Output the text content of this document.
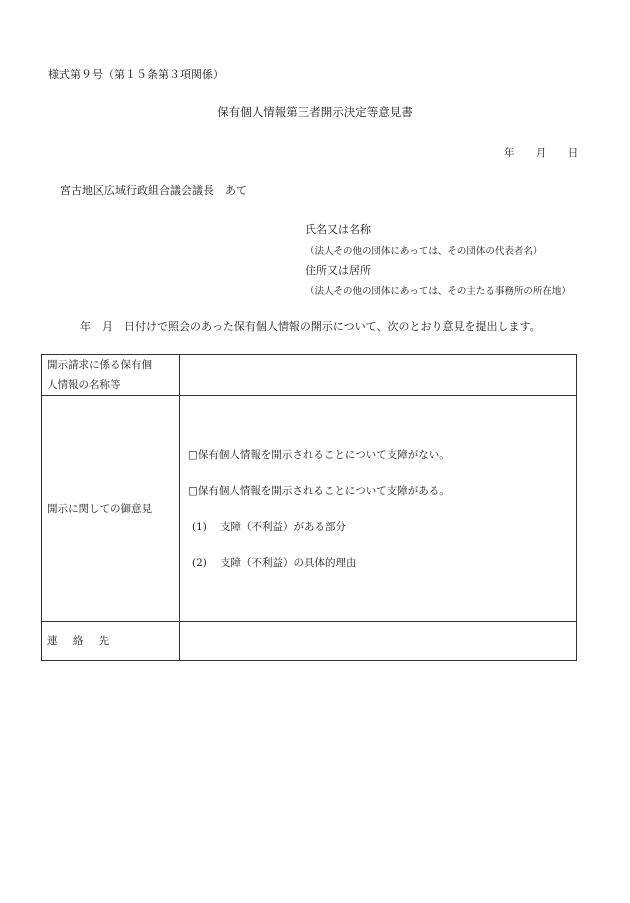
様式第９号（第１５条第３項関係）
保有個人情報第三者開示決定等意見書
年 月 日
宮古地区広域行政組合議会議長　あて
氏名又は名称
（法人その他の団体にあっては、その団体の代表者名）
住所又は居所
（法人その他の団体にあっては、その主たる事務所の所在地）
年　月　日付けで照会のあった保有個人情報の開示について、次のとおり意見を提出します。
開示請求に係る保有個
人情報の名称等	

開示に関しての御意見	□保有個人情報を開示されることについて支障がない。

□保有個人情報を開示されることについて支障がある。

(1) 支障（不利益）がある部分

(2) 支障（不利益）の具体的理由

連 絡 先	
